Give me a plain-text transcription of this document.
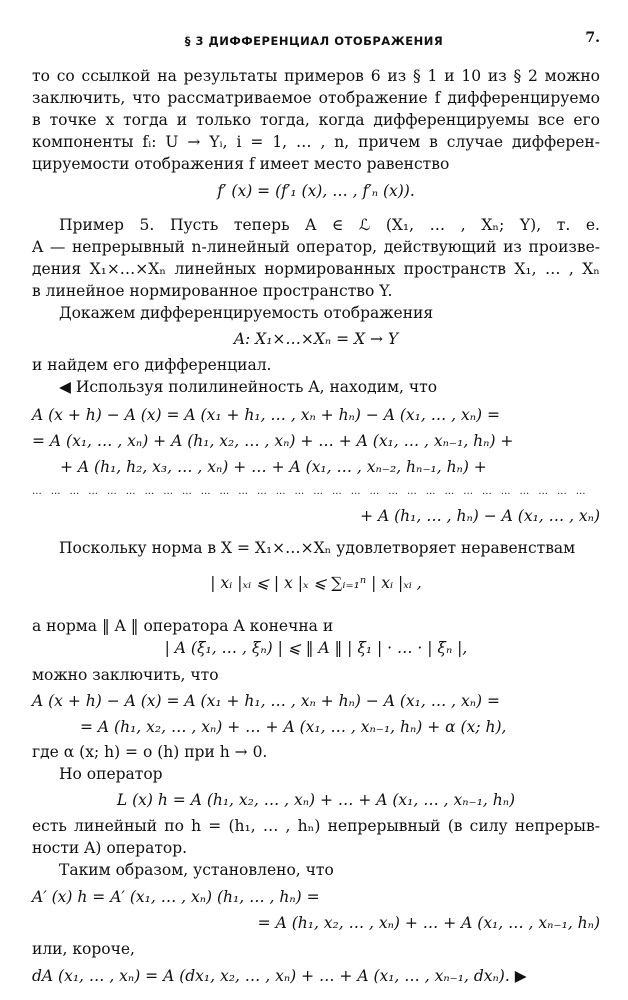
§ 3 ДИФФЕРЕНЦИАЛ ОТОБРАЖЕНИЯ	7.
то со ссылкой на результаты примеров 6 из § 1 и 10 из § 2 можно
заключить, что рассматриваемое отображение f дифференцируемо
в точке x тогда и только тогда, когда дифференцируемы все его
компоненты fᵢ: U → Yᵢ, i = 1, … , n, причем в случае дифферен-
цируемости отображения f имеет место равенство
f′ (x) = (f′₁ (x), … , f′ₙ (x)).
Пример 5. Пусть теперь A ∈ ℒ (X₁, … , Xₙ; Y), т. е.
A — непрерывный n-линейный оператор, действующий из произве-
дения X₁×…×Xₙ линейных нормированных пространств X₁, … , Xₙ
в линейное нормированное пространство Y.
Докажем дифференцируемость отображения
A: X₁×…×Xₙ = X → Y
и найдем его дифференциал.
◀ Используя полилинейность A, находим, что
A (x + h) − A (x) = A (x₁ + h₁, … , xₙ + hₙ) − A (x₁, … , xₙ) =
= A (x₁, … , xₙ) + A (h₁, x₂, … , xₙ) + … + A (x₁, … , xₙ₋₁, hₙ) +
+ A (h₁, h₂, x₃, … , xₙ) + … + A (x₁, … , xₙ₋₂, hₙ₋₁, hₙ) +
………………………………………………………………………………
+ A (h₁, … , hₙ) − A (x₁, … , xₙ)
Поскольку норма в X = X₁×…×Xₙ удовлетворяет неравенствам
| xᵢ |ₓᵢ ⩽ | x |ₓ ⩽ ∑ᵢ₌₁ⁿ | xᵢ |ₓᵢ ,
а норма ‖ A ‖ оператора A конечна и
| A (ξ₁, … , ξₙ) | ⩽ ‖ A ‖ | ξ₁ | · … · | ξₙ |,
можно заключить, что
A (x + h) − A (x) = A (x₁ + h₁, … , xₙ + hₙ) − A (x₁, … , xₙ) =
= A (h₁, x₂, … , xₙ) + … + A (x₁, … , xₙ₋₁, hₙ) + α (x; h),
где α (x; h) = o (h) при h → 0.
Но оператор
L (x) h = A (h₁, x₂, … , xₙ) + … + A (x₁, … , xₙ₋₁, hₙ)
есть линейный по h = (h₁, … , hₙ) непрерывный (в силу непрерыв-
ности A) оператор.
Таким образом, установлено, что
A′ (x) h = A′ (x₁, … , xₙ) (h₁, … , hₙ) =
= A (h₁, x₂, … , xₙ) + … + A (x₁, … , xₙ₋₁, hₙ)
или, короче,
dA (x₁, … , xₙ) = A (dx₁, x₂, … , xₙ) + … + A (x₁, … , xₙ₋₁, dxₙ). ▶
